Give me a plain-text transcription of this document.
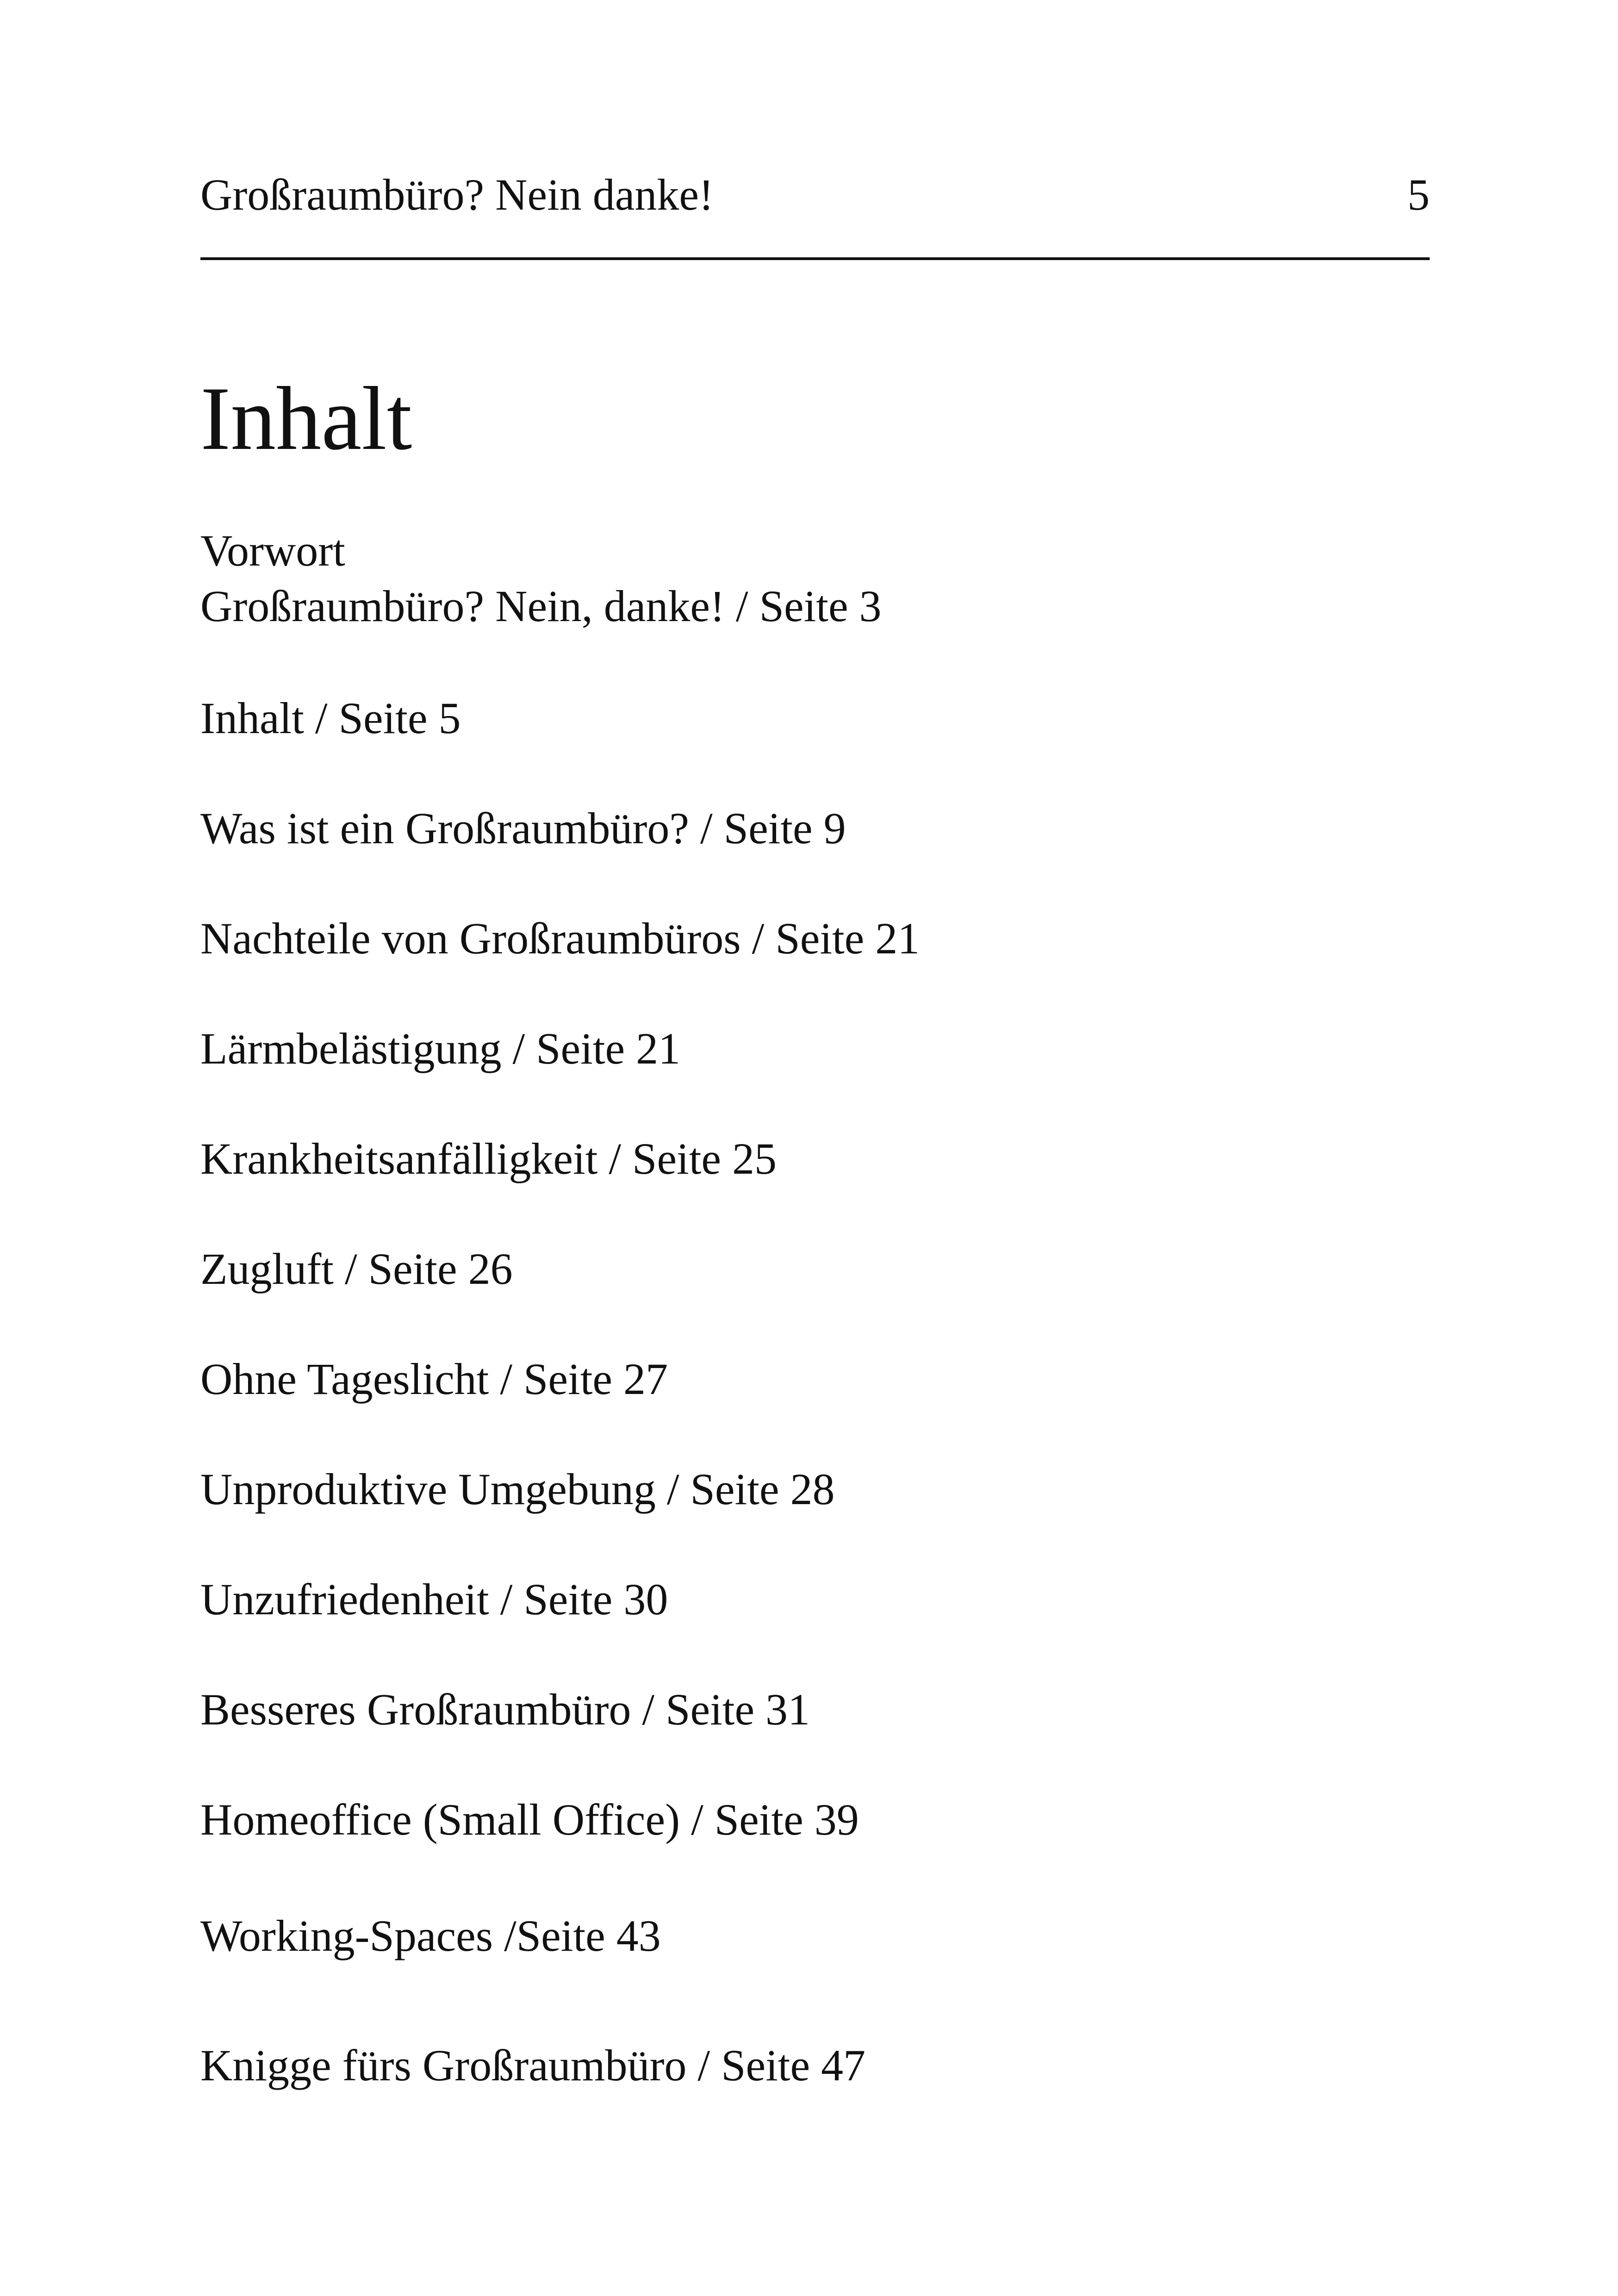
Großraumbüro? Nein danke!	5
Inhalt
Vorwort
Großraumbüro? Nein, danke! / Seite 3
Inhalt / Seite 5
Was ist ein Großraumbüro? / Seite 9
Nachteile von Großraumbüros / Seite 21
Lärmbelästigung / Seite 21
Krankheitsanfälligkeit / Seite 25
Zugluft / Seite 26
Ohne Tageslicht / Seite 27
Unproduktive Umgebung / Seite 28
Unzufriedenheit / Seite 30
Besseres Großraumbüro / Seite 31
Homeoffice (Small Office) / Seite 39
Working-Spaces /Seite 43
Knigge fürs Großraumbüro / Seite 47
